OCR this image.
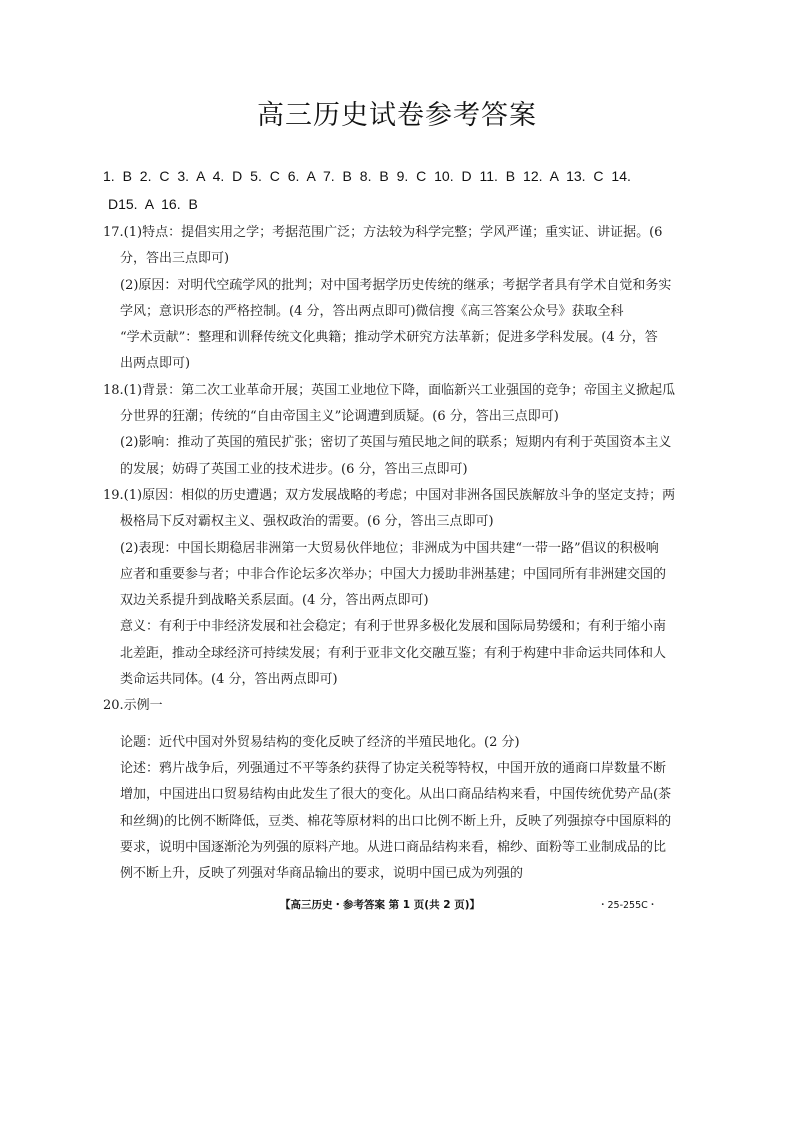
高三历史试卷参考答案
1. B 2. C 3. A 4. D 5. C 6. A 7. B 8. B 9. C 10. D 11. B 12. A 13. C 14.
D15. A 16. B
17.(1)特点：提倡实用之学；考据范围广泛；方法较为科学完整；学风严谨；重实证、讲证据。(6
分，答出三点即可)
(2)原因：对明代空疏学风的批判；对中国考据学历史传统的继承；考据学者具有学术自觉和务实
学风；意识形态的严格控制。(4 分，答出两点即可)微信搜《高三答案公众号》获取全科
“学术贡献”：整理和训释传统文化典籍；推动学术研究方法革新；促进多学科发展。(4 分，答
出两点即可)
18.(1)背景：第二次工业革命开展；英国工业地位下降，面临新兴工业强国的竞争；帝国主义掀起瓜
分世界的狂潮；传统的“自由帝国主义”论调遭到质疑。(6 分，答出三点即可)
(2)影响：推动了英国的殖民扩张；密切了英国与殖民地之间的联系；短期内有利于英国资本主义
的发展；妨碍了英国工业的技术进步。(6 分，答出三点即可)
19.(1)原因：相似的历史遭遇；双方发展战略的考虑；中国对非洲各国民族解放斗争的坚定支持；两
极格局下反对霸权主义、强权政治的需要。(6 分，答出三点即可)
(2)表现：中国长期稳居非洲第一大贸易伙伴地位；非洲成为中国共建“一带一路”倡议的积极响
应者和重要参与者；中非合作论坛多次举办；中国大力援助非洲基建；中国同所有非洲建交国的
双边关系提升到战略关系层面。(4 分，答出两点即可)
意义：有利于中非经济发展和社会稳定；有利于世界多极化发展和国际局势缓和；有利于缩小南
北差距，推动全球经济可持续发展；有利于亚非文化交融互鉴；有利于构建中非命运共同体和人
类命运共同体。(4 分，答出两点即可)
20.示例一
论题：近代中国对外贸易结构的变化反映了经济的半殖民地化。(2 分)
论述：鸦片战争后，列强通过不平等条约获得了协定关税等特权，中国开放的通商口岸数量不断
增加，中国进出口贸易结构由此发生了很大的变化。从出口商品结构来看，中国传统优势产品(茶
和丝绸)的比例不断降低，豆类、棉花等原材料的出口比例不断上升，反映了列强掠夺中国原料的
要求，说明中国逐渐沦为列强的原料产地。从进口商品结构来看，棉纱、面粉等工业制成品的比
例不断上升，反映了列强对华商品输出的要求，说明中国已成为列强的
【高三历史・参考答案 第 1 页(共 2 页)】	・25-255C・
